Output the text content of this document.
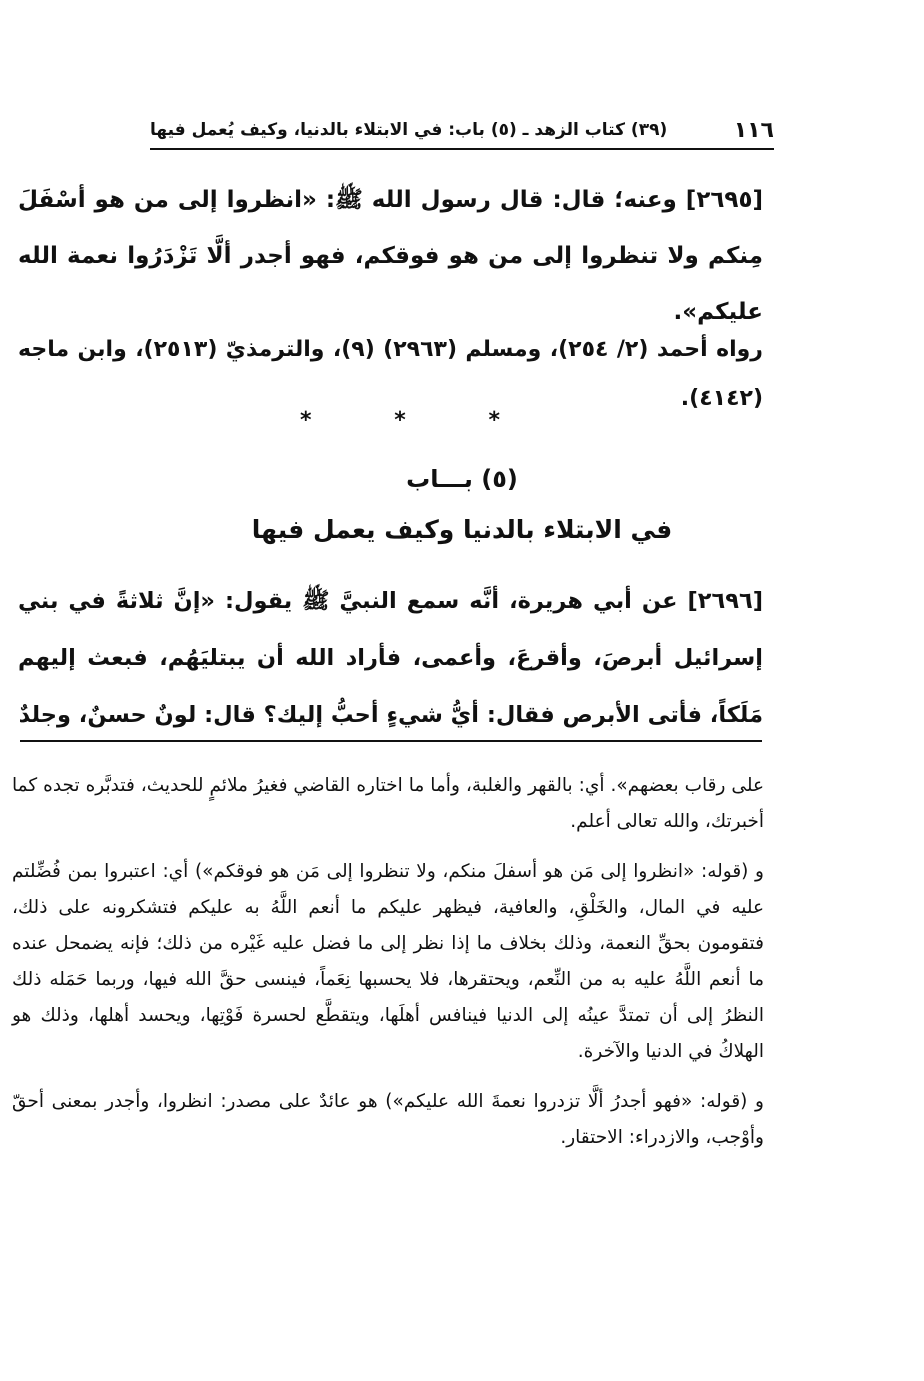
١١٦
(٣٩) كتاب الزهد ـ (٥) باب: في الابتلاء بالدنيا، وكيف يُعمل فيها

[٢٦٩٥] وعنه؛ قال: قال رسول الله ﷺ: «انظروا إلى من هو أسْفَلَ مِنكم ولا تنظروا إلى من هو فوقكم، فهو أجدر ألَّا تَزْدَرُوا نعمة الله عليكم».

رواه أحمد (٢/ ٢٥٤)، ومسلم (٢٩٦٣) (٩)، والترمذيّ (٢٥١٣)، وابن ماجه (٤١٤٢).
*	*	*
(٥) بـــاب
في الابتلاء بالدنيا وكيف يعمل فيها
[٢٦٩٦] عن أبي هريرة، أنَّه سمع النبيَّ ﷺ يقول: «إنَّ ثلاثةً في بني إسرائيل أبرصَ، وأقرعَ، وأعمى، فأراد الله أن يبتليَهُم، فبعث إليهم مَلَكاً، فأتى الأبرص فقال: أيُّ شيءٍ أحبُّ إليك؟ قال: لونٌ حسنٌ، وجلدٌ

على رقاب بعضهم». أي: بالقهر والغلبة، وأما ما اختاره القاضي فغيرُ ملائمٍ للحديث، فتدبَّره تجده كما أخبرتك، والله تعالى أعلم.

و (قوله: «انظروا إلى مَن هو أسفلَ منكم، ولا تنظروا إلى مَن هو فوقكم») أي: اعتبروا بمن فُضِّلتم عليه في المال، والخَلْقِ، والعافية، فيظهر عليكم ما أنعم اللَّهُ به عليكم فتشكرونه على ذلك، فتقومون بحقِّ النعمة، وذلك بخلاف ما إذا نظر إلى ما فضل عليه غَيْره من ذلك؛ فإنه يضمحل عنده ما أنعم اللَّهُ عليه به من النِّعم، ويحتقرها، فلا يحسبها نِعَماً، فينسى حقَّ الله فيها، وربما حَمَله ذلك النظرُ إلى أن تمتدَّ عينُه إلى الدنيا فينافس أهلَها، ويتقطَّع لحسرة فَوْتِها، ويحسد أهلها، وذلك هو الهلاكُ في الدنيا والآخرة.

و (قوله: «فهو أجدرُ ألَّا تزدروا نعمةَ الله عليكم») هو عائدٌ على مصدر: انظروا، وأجدر بمعنى أحقّ وأوْجب، والازدراء: الاحتقار.
